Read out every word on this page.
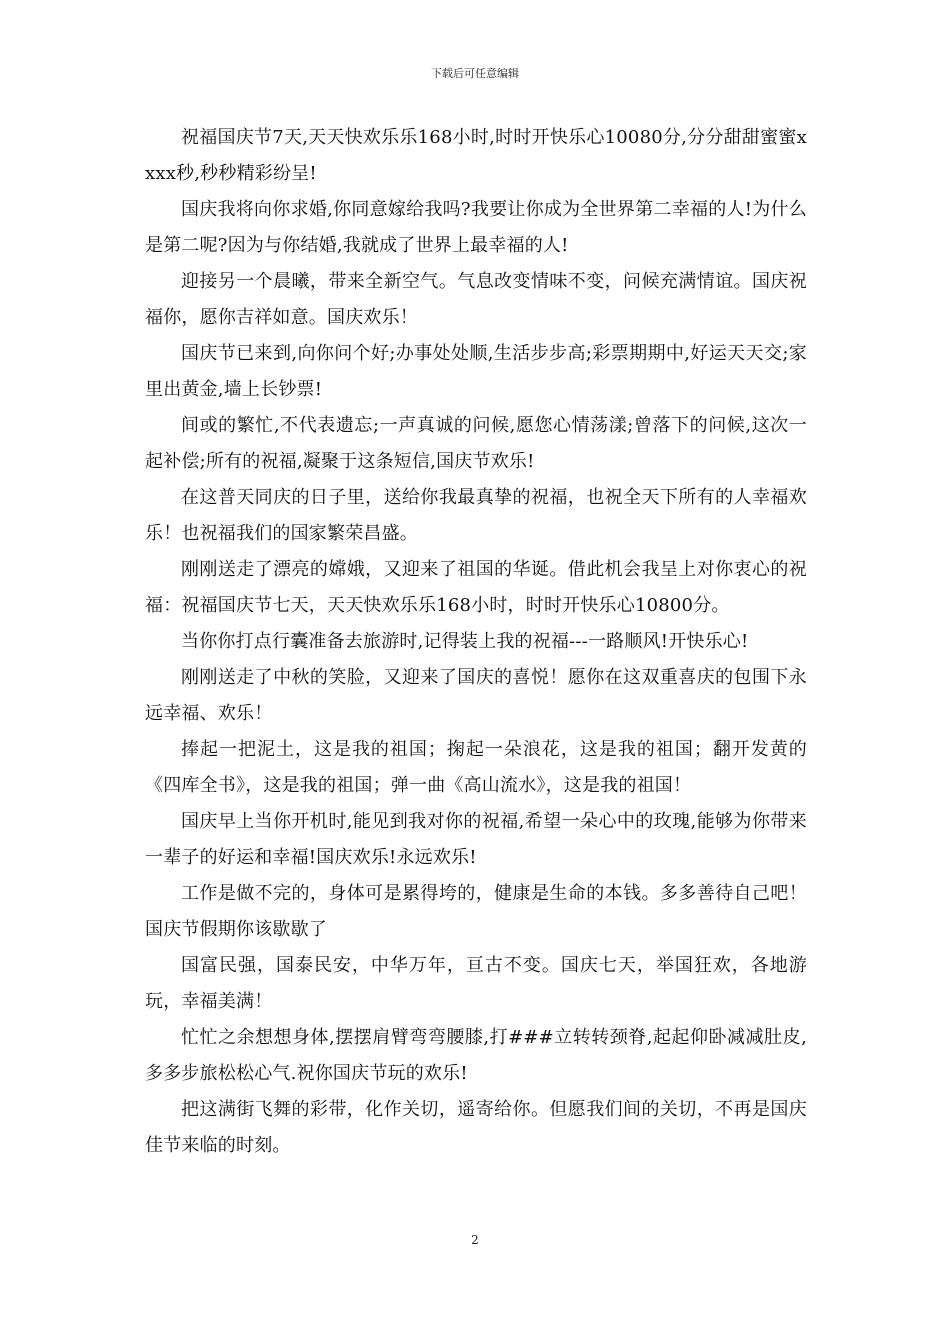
下载后可任意编辑

祝福国庆节7天,天天快欢乐乐168小时,时时开快乐心10080分,分分甜甜蜜蜜xxxx秒,秒秒精彩纷呈!

国庆我将向你求婚,你同意嫁给我吗?我要让你成为全世界第二幸福的人!为什么是第二呢?因为与你结婚,我就成了世界上最幸福的人!

迎接另一个晨曦，带来全新空气。气息改变情味不变，问候充满情谊。国庆祝福你，愿你吉祥如意。国庆欢乐！

国庆节已来到,向你问个好;办事处处顺,生活步步高;彩票期期中,好运天天交;家里出黄金,墙上长钞票!

间或的繁忙,不代表遗忘;一声真诚的问候,愿您心情荡漾;曾落下的问候,这次一起补偿;所有的祝福,凝聚于这条短信,国庆节欢乐!

在这普天同庆的日子里，送给你我最真挚的祝福，也祝全天下所有的人幸福欢乐！也祝福我们的国家繁荣昌盛。

刚刚送走了漂亮的嫦娥，又迎来了祖国的华诞。借此机会我呈上对你衷心的祝福：祝福国庆节七天，天天快欢乐乐168小时，时时开快乐心10800分。

当你你打点行囊准备去旅游时,记得装上我的祝福---一路顺风!开快乐心!

刚刚送走了中秋的笑脸，又迎来了国庆的喜悦！愿你在这双重喜庆的包围下永远幸福、欢乐！

捧起一把泥土，这是我的祖国；掬起一朵浪花，这是我的祖国；翻开发黄的《四库全书》，这是我的祖国；弹一曲《高山流水》，这是我的祖国！

国庆早上当你开机时,能见到我对你的祝福,希望一朵心中的玫瑰,能够为你带来一辈子的好运和幸福!国庆欢乐!永远欢乐!

工作是做不完的，身体可是累得垮的，健康是生命的本钱。多多善待自己吧！国庆节假期你该歇歇了

国富民强，国泰民安，中华万年，亘古不变。国庆七天，举国狂欢，各地游玩，幸福美满！

忙忙之余想想身体,摆摆肩臂弯弯腰膝,打###立转转颈脊,起起仰卧减减肚皮,多多步旅松松心气.祝你国庆节玩的欢乐!

把这满街飞舞的彩带，化作关切，遥寄给你。但愿我们间的关切，不再是国庆佳节来临的时刻。

2
